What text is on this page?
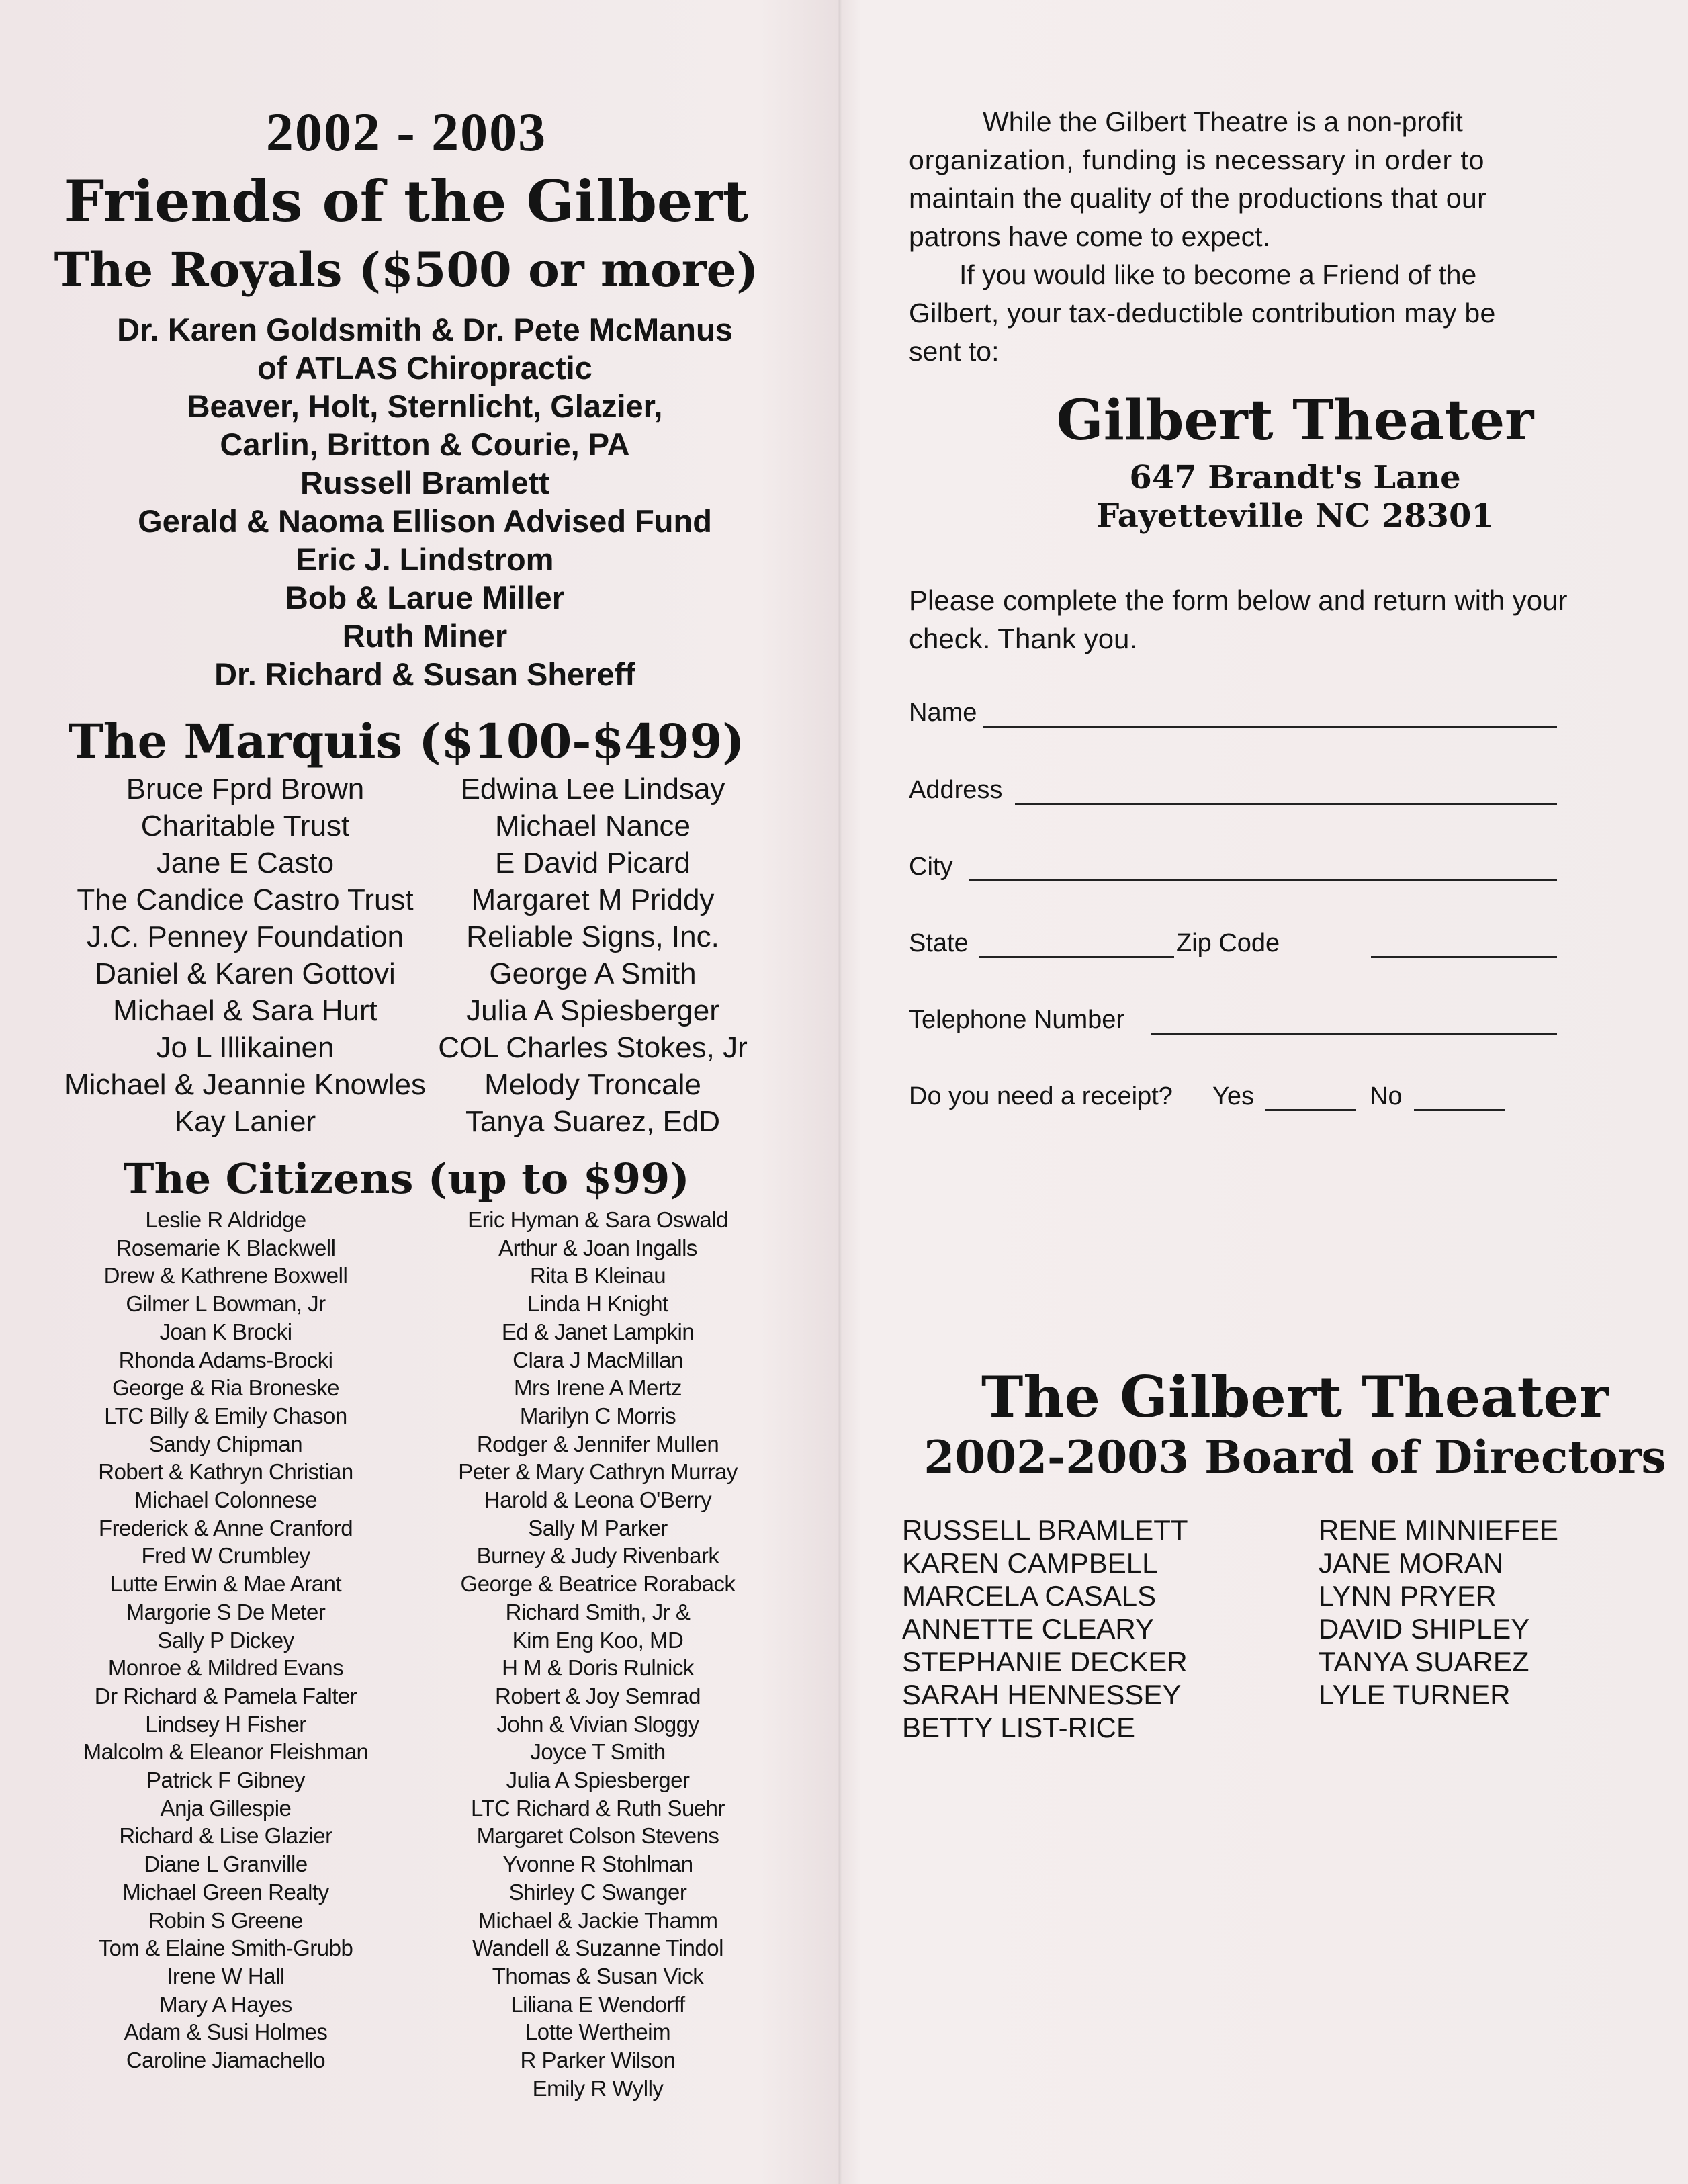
2002 - 2003
Friends of the Gilbert
The Royals ($500 or more)
Dr. Karen Goldsmith & Dr. Pete McManus
of ATLAS Chiropractic
Beaver, Holt, Sternlicht, Glazier,
Carlin, Britton & Courie, PA
Russell Bramlett
Gerald & Naoma Ellison Advised Fund
Eric J. Lindstrom
Bob & Larue Miller
Ruth Miner
Dr. Richard & Susan Shereff
The Marquis ($100-$499)
Bruce Fprd Brown
Charitable Trust
Jane E Casto
The Candice Castro Trust
J.C. Penney Foundation
Daniel & Karen Gottovi
Michael & Sara Hurt
Jo L Illikainen
Michael & Jeannie Knowles
Kay Lanier
Edwina Lee Lindsay
Michael Nance
E David Picard
Margaret M Priddy
Reliable Signs, Inc.
George A Smith
Julia A Spiesberger
COL Charles Stokes, Jr
Melody Troncale
Tanya Suarez, EdD
The Citizens (up to $99)
Leslie R Aldridge
Rosemarie K Blackwell
Drew & Kathrene Boxwell
Gilmer L Bowman, Jr
Joan K Brocki
Rhonda Adams-Brocki
George & Ria Broneske
LTC Billy & Emily Chason
Sandy Chipman
Robert & Kathryn Christian
Michael Colonnese
Frederick & Anne Cranford
Fred W Crumbley
Lutte Erwin & Mae Arant
Margorie S De Meter
Sally P Dickey
Monroe & Mildred Evans
Dr Richard & Pamela Falter
Lindsey H Fisher
Malcolm & Eleanor Fleishman
Patrick F Gibney
Anja Gillespie
Richard & Lise Glazier
Diane L Granville
Michael Green Realty
Robin S Greene
Tom & Elaine Smith-Grubb
Irene W Hall
Mary A Hayes
Adam & Susi Holmes
Caroline Jiamachello
Eric Hyman & Sara Oswald
Arthur & Joan Ingalls
Rita B Kleinau
Linda H Knight
Ed & Janet Lampkin
Clara J MacMillan
Mrs Irene A Mertz
Marilyn C Morris
Rodger & Jennifer Mullen
Peter & Mary Cathryn Murray
Harold & Leona O'Berry
Sally M Parker
Burney & Judy Rivenbark
George & Beatrice Roraback
Richard Smith, Jr &
Kim Eng Koo, MD
H M & Doris Rulnick
Robert & Joy Semrad
John & Vivian Sloggy
Joyce T Smith
Julia A Spiesberger
LTC Richard & Ruth Suehr
Margaret Colson Stevens
Yvonne R Stohlman
Shirley C Swanger
Michael & Jackie Thamm
Wandell & Suzanne Tindol
Thomas & Susan Vick
Liliana E Wendorff
Lotte Wertheim
R Parker Wilson
Emily R Wylly
While the Gilbert Theatre is a non-profit
organization, funding is necessary in order to
maintain the quality of the productions that our
patrons have come to expect.
If you would like to become a Friend of the
Gilbert, your tax-deductible contribution may be
sent to:
Gilbert Theater
647 Brandt's Lane
Fayetteville NC 28301
Please complete the form below and return with your
check. Thank you.
Name
Address
City
State	Zip Code
Telephone Number
Do you need a receipt? Yes	No
The Gilbert Theater
2002-2003 Board of Directors
RUSSELL BRAMLETT
KAREN CAMPBELL
MARCELA CASALS
ANNETTE CLEARY
STEPHANIE DECKER
SARAH HENNESSEY
BETTY LIST-RICE
RENE MINNIEFEE
JANE MORAN
LYNN PRYER
DAVID SHIPLEY
TANYA SUAREZ
LYLE TURNER
